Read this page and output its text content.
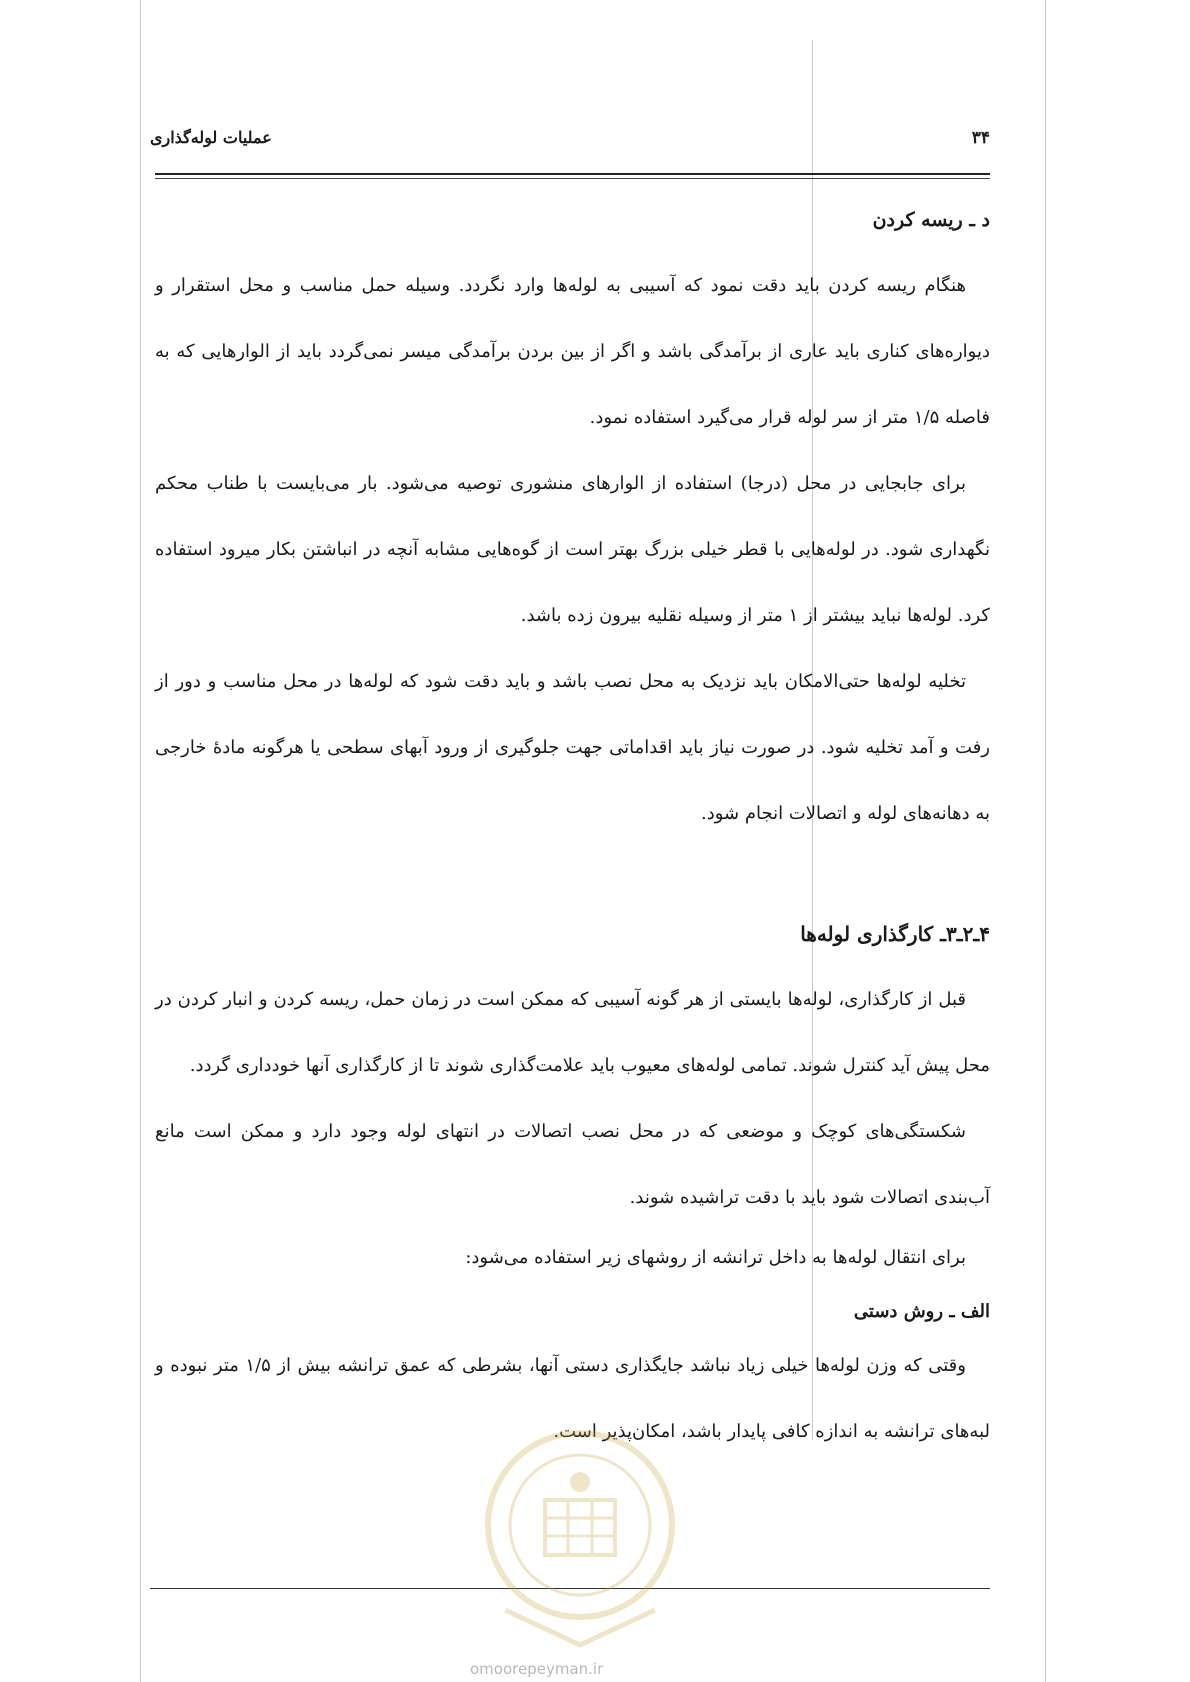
۳۴
عملیات لوله‌گذاری
د ـ ریسه کردن

هنگام ریسه کردن باید دقت نمود که آسیبی به لوله‌ها وارد نگردد. وسیله حمل مناسب و محل استقرار و دیواره‌های کناری باید عاری از برآمدگی باشد و اگر از بین بردن برآمدگی میسر نمی‌گردد باید از الوارهایی که به فاصله ۱/۵ متر از سر لوله قرار می‌گیرد استفاده نمود.

برای جابجایی در محل (درجا) استفاده از الوارهای منشوری توصیه می‌شود. بار می‌بایست با طناب محکم نگهداری شود. در لوله‌هایی با قطر خیلی بزرگ بهتر است از گوه‌هایی مشابه آنچه در انباشتن بکار میرود استفاده کرد. لوله‌ها نباید بیشتر از ۱ متر از وسیله نقلیه بیرون زده باشد.

تخلیه لوله‌ها حتی‌الامکان باید نزدیک به محل نصب باشد و باید دقت شود که لوله‌ها در محل مناسب و دور از رفت و آمد تخلیه شود. در صورت نیاز باید اقداماتی جهت جلوگیری از ورود آبهای سطحی یا هرگونه مادهٔ خارجی به دهانه‌های لوله و اتصالات انجام شود.

۴ـ۲ـ۳ـ کارگذاری لوله‌ها

قبل از کارگذاری، لوله‌ها بایستی از هر گونه آسیبی که ممکن است در زمان حمل، ریسه کردن و انبار کردن در محل پیش آید کنترل شوند. تمامی لوله‌های معیوب باید علامت‌گذاری شوند تا از کارگذاری آنها خودداری گردد.

شکستگی‌های کوچک و موضعی که در محل نصب اتصالات در انتهای لوله وجود دارد و ممکن است مانع آب‌بندی اتصالات شود باید با دقت تراشیده شوند.

برای انتقال لوله‌ها به داخل ترانشه از روشهای زیر استفاده می‌شود:

الف ـ روش دستی

وقتی که وزن لوله‌ها خیلی زیاد نباشد جایگذاری دستی آنها، بشرطی که عمق ترانشه بیش از ۱/۵ متر نبوده و لبه‌های ترانشه به اندازه کافی پایدار باشد، امکان‌پذیر است.

omoorepeyman.ir
